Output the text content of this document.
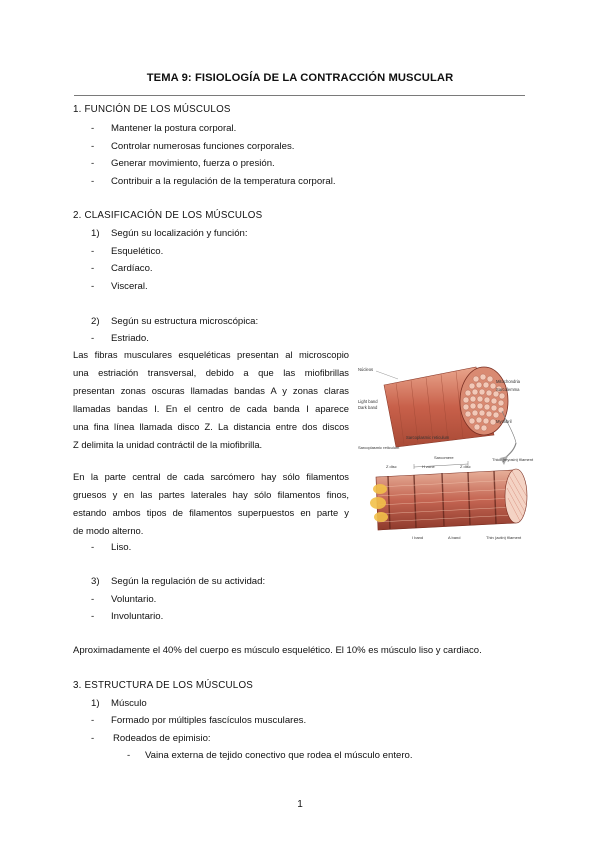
TEMA 9: FISIOLOGÍA DE LA CONTRACCIÓN MUSCULAR
1. FUNCIÓN DE LOS MÚSCULOS
- Mantener la postura corporal.
- Controlar numerosas funciones corporales.
- Generar movimiento, fuerza o presión.
- Contribuir a la regulación de la temperatura corporal.
2. CLASIFICACIÓN DE LOS MÚSCULOS
1) Según su localización y función:
- Esquelético.
- Cardíaco.
- Visceral.
2) Según su estructura microscópica:
- Estriado.
Las fibras musculares esqueléticas presentan al microscopio
una estriación transversal, debido a que las miofibrillas
presentan zonas oscuras llamadas bandas A y zonas claras
llamadas bandas I. En el centro de cada banda I aparece
una fina línea llamada disco Z. La distancia entre dos discos
Z delimita la unidad contráctil de la miofibrilla.
En la parte central de cada sarcómero hay sólo filamentos
gruesos y en las partes laterales hay sólo filamentos finos,
estando ambos tipos de filamentos superpuestos en parte y
de modo alterno.
- Liso.
3) Según la regulación de su actividad:
- Voluntario.
- Involuntario.
Aproximadamente el 40% del cuerpo es músculo esquelético. El 10% es músculo liso y cardiaco.
3. ESTRUCTURA DE LOS MÚSCULOS
1) Músculo
- Formado por múltiples fascículos musculares.
- Rodeados de epimisio:
- Vaina externa de tejido conectivo que rodea el músculo entero.
Núcleos
Mitochondria
Sarcolemma
Light band
Dark band
Myofibril
Sarcoplasmic reticulum
Sarcoplasmic reticulum
Sarcomere
Z disc	H zone	Z disc
Thick (myosin) filament
I band	A band	Thin (actin) filament
1
